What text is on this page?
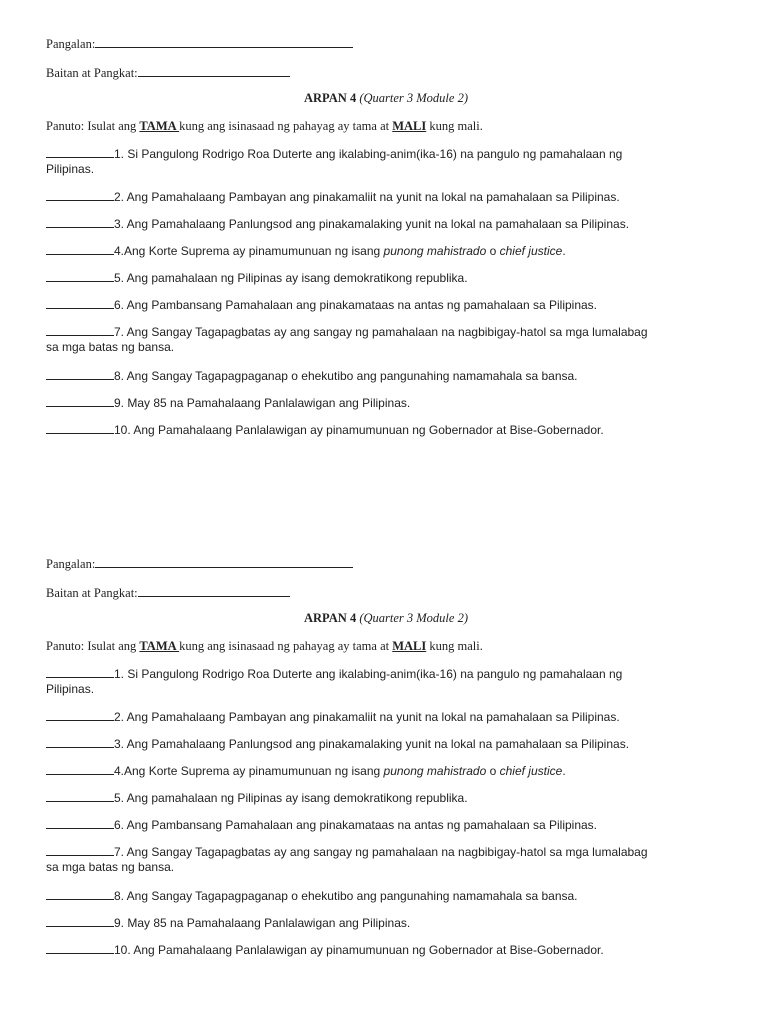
Pangalan:
Baitan at Pangkat:
ARPAN 4 (Quarter 3 Module 2)
Panuto: Isulat ang TAMA kung ang isinasaad ng pahayag ay tama at MALI kung mali.
1. Si Pangulong Rodrigo Roa Duterte ang ikalabing-anim(ika-16) na pangulo ng pamahalaan ng
Pilipinas.
2. Ang Pamahalaang Pambayan ang pinakamaliit na yunit na lokal na pamahalaan sa Pilipinas.
3. Ang Pamahalaang Panlungsod ang pinakamalaking yunit na lokal na pamahalaan sa Pilipinas.
4.Ang Korte Suprema ay pinamumunuan ng isang punong mahistrado o chief justice.
5. Ang pamahalaan ng Pilipinas ay isang demokratikong republika.
6. Ang Pambansang Pamahalaan ang pinakamataas na antas ng pamahalaan sa Pilipinas.
7. Ang Sangay Tagapagbatas ay ang sangay ng pamahalaan na nagbibigay-hatol sa mga lumalabag
sa mga batas ng bansa.
8. Ang Sangay Tagapagpaganap o ehekutibo ang pangunahing namamahala sa bansa.
9. May 85 na Pamahalaang Panlalawigan ang Pilipinas.
10. Ang Pamahalaang Panlalawigan ay pinamumunuan ng Gobernador at Bise-Gobernador.
Pangalan:
Baitan at Pangkat:
ARPAN 4 (Quarter 3 Module 2)
Panuto: Isulat ang TAMA kung ang isinasaad ng pahayag ay tama at MALI kung mali.
1. Si Pangulong Rodrigo Roa Duterte ang ikalabing-anim(ika-16) na pangulo ng pamahalaan ng
Pilipinas.
2. Ang Pamahalaang Pambayan ang pinakamaliit na yunit na lokal na pamahalaan sa Pilipinas.
3. Ang Pamahalaang Panlungsod ang pinakamalaking yunit na lokal na pamahalaan sa Pilipinas.
4.Ang Korte Suprema ay pinamumunuan ng isang punong mahistrado o chief justice.
5. Ang pamahalaan ng Pilipinas ay isang demokratikong republika.
6. Ang Pambansang Pamahalaan ang pinakamataas na antas ng pamahalaan sa Pilipinas.
7. Ang Sangay Tagapagbatas ay ang sangay ng pamahalaan na nagbibigay-hatol sa mga lumalabag
sa mga batas ng bansa.
8. Ang Sangay Tagapagpaganap o ehekutibo ang pangunahing namamahala sa bansa.
9. May 85 na Pamahalaang Panlalawigan ang Pilipinas.
10. Ang Pamahalaang Panlalawigan ay pinamumunuan ng Gobernador at Bise-Gobernador.
